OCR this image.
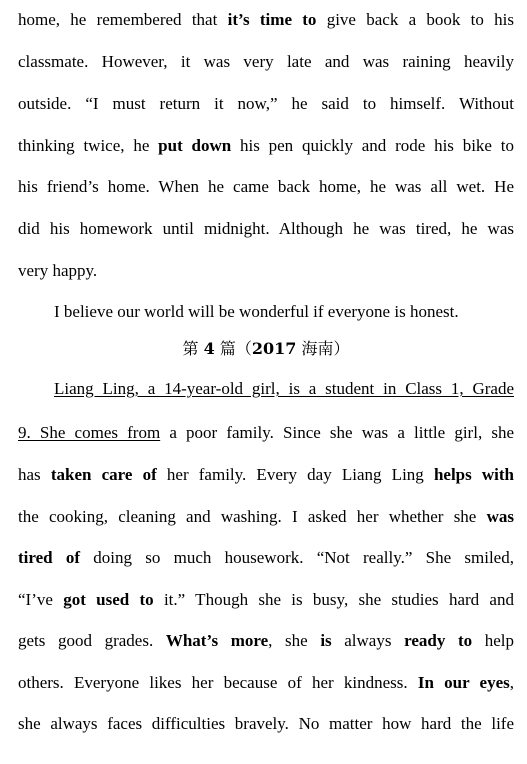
home, he remembered that it’s time to give back a book to his
classmate. However, it was very late and was raining heavily
outside. “I must return it now,” he said to himself. Without
thinking twice, he put down his pen quickly and rode his bike to
his friend’s home. When he came back home, he was all wet. He
did his homework until midnight. Although he was tired, he was
very happy.
I believe our world will be wonderful if everyone is honest.
第 4 篇（2017 海南）
Liang Ling, a 14-year-old girl, is a student in Class 1, Grade
9. She comes from a poor family. Since she was a little girl, she
has taken care of her family. Every day Liang Ling helps with
the cooking, cleaning and washing. I asked her whether she was
tired of doing so much housework. “Not really.” She smiled,
“I’ve got used to it.” Though she is busy, she studies hard and
gets good grades. What’s more, she is always ready to help
others. Everyone likes her because of her kindness. In our eyes,
she always faces difficulties bravely. No matter how hard the life
